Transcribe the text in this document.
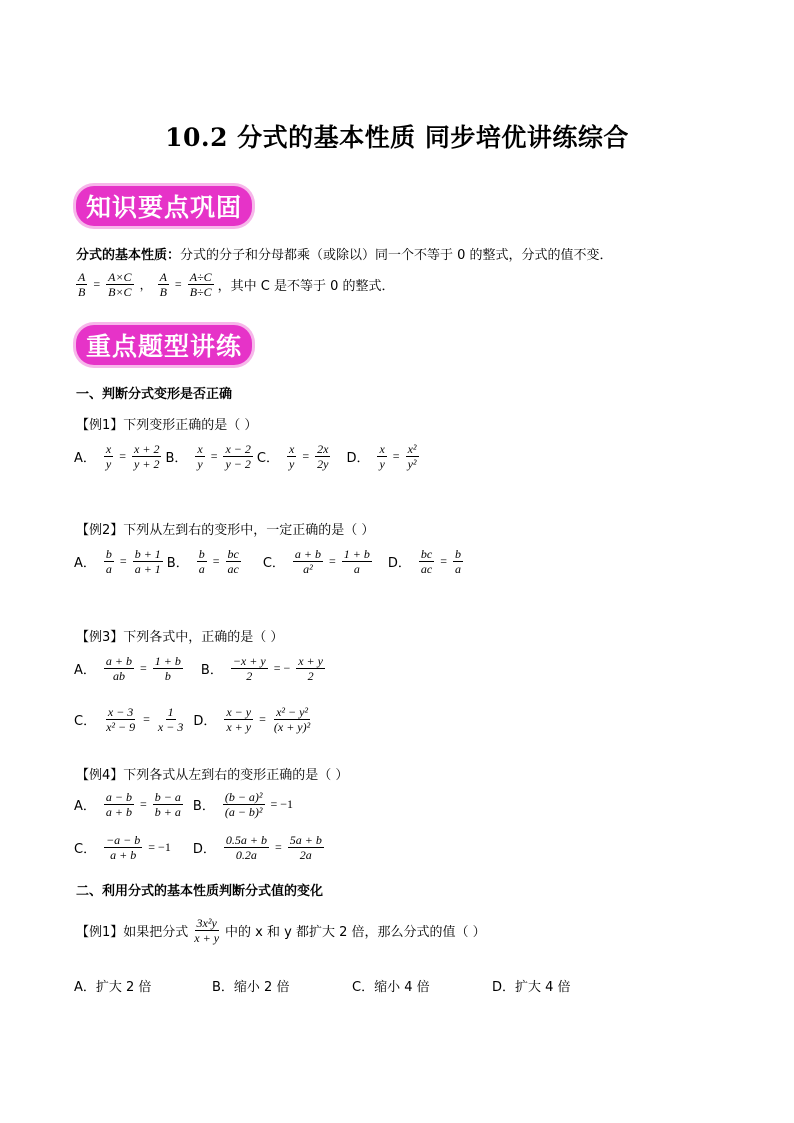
10.2 分式的基本性质 同步培优讲练综合
知识要点巩固
分式的基本性质：分式的分子和分母都乘（或除以）同一个不等于 0 的整式，分式的值不变．
$\frac{A}{B} = \frac{A\times C}{B\times C}$ ， $\frac{A}{B} = \frac{A\div C}{B\div C}$ ，其中 C 是不等于 0 的整式．
重点题型讲练
一、判断分式变形是否正确
【例1】下列变形正确的是（ ）
A． $\frac{x}{y} = \frac{x + 2}{y + 2}$ B． $\frac{x}{y} = \frac{x - 2}{y - 2}$ C． $\frac{x}{y} = \frac{2x}{2y}$ D． $\frac{x}{y} = \frac{\text{x²}}{\text{y²}}$
【例2】下列从左到右的变形中，一定正确的是（ ）
A． $\frac{b}{a} = \frac{b + 1}{a + 1}$ B． $\frac{b}{a} = \frac{bc}{ac}$ C． $\frac{a + b}{\text{a²}} = \frac{1 + b}{a}$ D． $\frac{bc}{ac} = \frac{b}{a}$
【例3】下列各式中，正确的是（ ）
A． $\frac{a + b}{ab} = \frac{1 + b}{b}$ B． $\frac{-x + y}{2}$ = − $\frac{x + y}{2}$
C． $\frac{x - 3}{\text{x² − 9}} = \frac{1}{x - 3}$ D． $\frac{x - y}{x + y} = \frac{\text{x² − y²}}{\text{(x + y)²}}$
【例4】下列各式从左到右的变形正确的是（ ）
A． $\frac{a - b}{a + b} = \frac{b - a}{b + a}$ B． $\frac{\text{(b − a)²}}{\text{(a − b)²}} = -1$
C． $\frac{-a - b}{a + b} = -1$ D． $\frac{0.5a + b}{0.2a} = \frac{5a + b}{2a}$
二、利用分式的基本性质判断分式值的变化
【例1】如果把分式 $\frac{\text{3x²y}}{x + y}$ 中的 x 和 y 都扩大 2 倍，那么分式的值（ ）
A．扩大 2 倍	B．缩小 2 倍	C．缩小 4 倍	D．扩大 4 倍
